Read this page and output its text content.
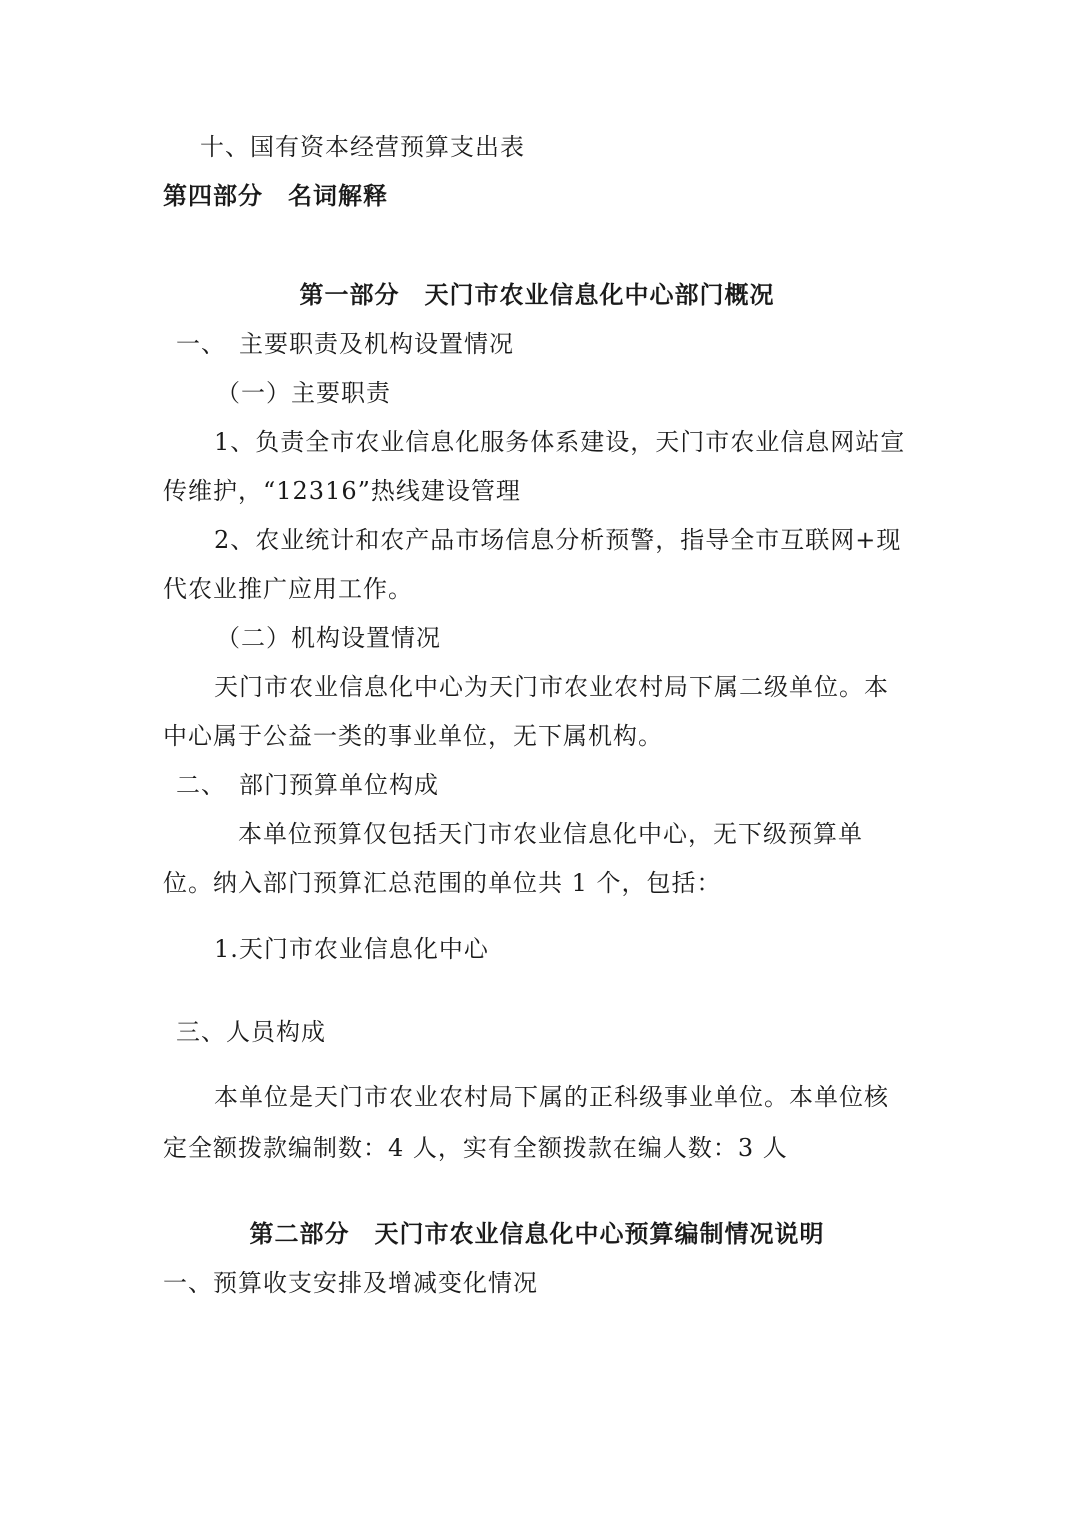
十、国有资本经营预算支出表
第四部分　名词解释
第一部分　天门市农业信息化中心部门概况
一、　主要职责及机构设置情况
（一）主要职责
1、负责全市农业信息化服务体系建设，天门市农业信息网站宣
传维护，“12316”热线建设管理
2、农业统计和农产品市场信息分析预警，指导全市互联网+现
代农业推广应用工作。
（二）机构设置情况
天门市农业信息化中心为天门市农业农村局下属二级单位。本
中心属于公益一类的事业单位，无下属机构。
二、　部门预算单位构成
本单位预算仅包括天门市农业信息化中心，无下级预算单
位。纳入部门预算汇总范围的单位共 1 个，包括：
1.天门市农业信息化中心
三、人员构成
本单位是天门市农业农村局下属的正科级事业单位。本单位核
定全额拨款编制数：4 人，实有全额拨款在编人数：3 人
第二部分　天门市农业信息化中心预算编制情况说明
一、预算收支安排及增减变化情况
